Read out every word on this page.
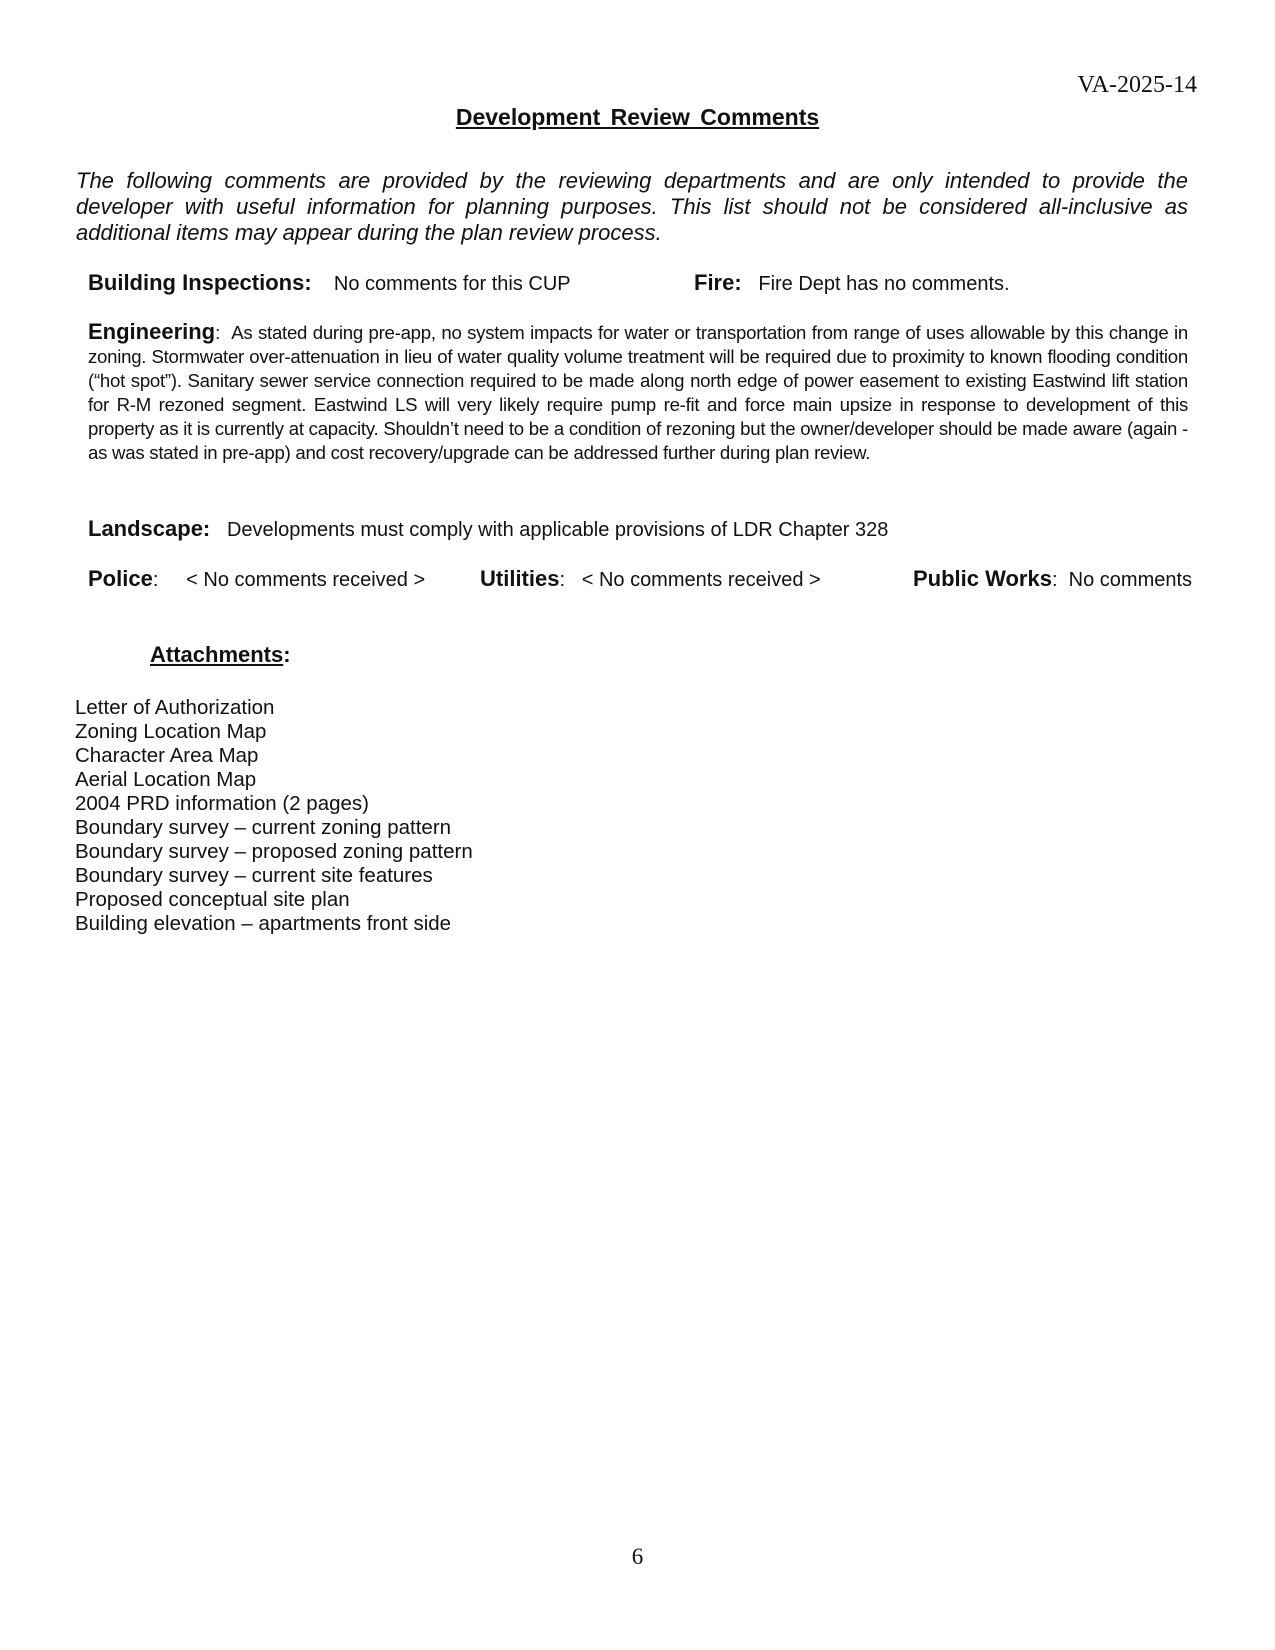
VA-2025-14
Development Review Comments
The following comments are provided by the reviewing departments and are only intended to provide the developer with useful information for planning purposes. This list should not be considered all-inclusive as additional items may appear during the plan review process.
Building Inspections: No comments for this CUP	Fire: Fire Dept has no comments.
Engineering: As stated during pre-app, no system impacts for water or transportation from range of uses allowable by this change in zoning. Stormwater over-attenuation in lieu of water quality volume treatment will be required due to proximity to known flooding condition (“hot spot”). Sanitary sewer service connection required to be made along north edge of power easement to existing Eastwind lift station for R-M rezoned segment. Eastwind LS will very likely require pump re-fit and force main upsize in response to development of this property as it is currently at capacity. Shouldn’t need to be a condition of rezoning but the owner/developer should be made aware (again - as was stated in pre-app) and cost recovery/upgrade can be addressed further during plan review.
Landscape: Developments must comply with applicable provisions of LDR Chapter 328
Police: < No comments received > Utilities: < No comments received >	Public Works: No comments
Attachments:
Letter of Authorization
Zoning Location Map
Character Area Map
Aerial Location Map
2004 PRD information (2 pages)
Boundary survey – current zoning pattern
Boundary survey – proposed zoning pattern
Boundary survey – current site features
Proposed conceptual site plan
Building elevation – apartments front side
6
